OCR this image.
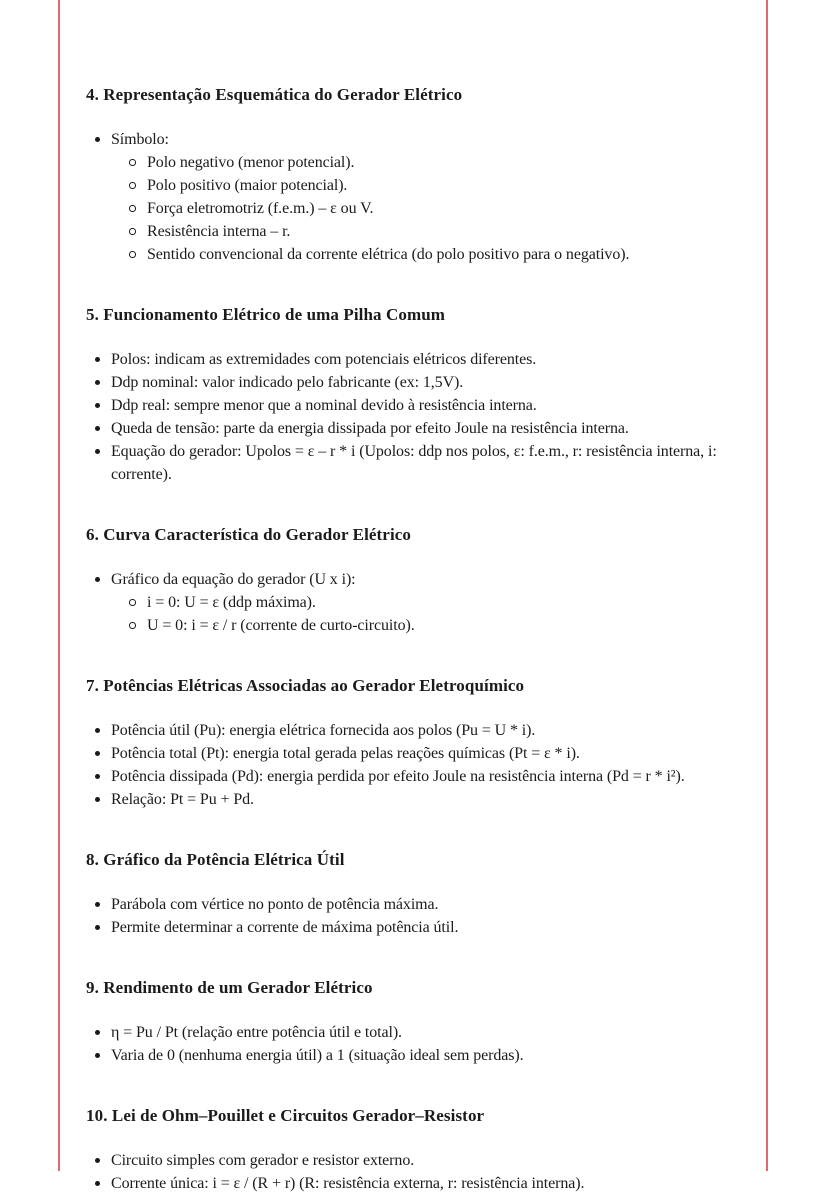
4. Representação Esquemática do Gerador Elétrico
Símbolo:
Polo negativo (menor potencial).
Polo positivo (maior potencial).
Força eletromotriz (f.e.m.) – ε ou V.
Resistência interna – r.
Sentido convencional da corrente elétrica (do polo positivo para o negativo).
5. Funcionamento Elétrico de uma Pilha Comum
Polos: indicam as extremidades com potenciais elétricos diferentes.
Ddp nominal: valor indicado pelo fabricante (ex: 1,5V).
Ddp real: sempre menor que a nominal devido à resistência interna.
Queda de tensão: parte da energia dissipada por efeito Joule na resistência interna.
Equação do gerador: Upolos = ε – r * i (Upolos: ddp nos polos, ε: f.e.m., r: resistência interna, i: corrente).
6. Curva Característica do Gerador Elétrico
Gráfico da equação do gerador (U x i):
i = 0: U = ε (ddp máxima).
U = 0: i = ε / r (corrente de curto-circuito).
7. Potências Elétricas Associadas ao Gerador Eletroquímico
Potência útil (Pu): energia elétrica fornecida aos polos (Pu = U * i).
Potência total (Pt): energia total gerada pelas reações químicas (Pt = ε * i).
Potência dissipada (Pd): energia perdida por efeito Joule na resistência interna (Pd = r * i²).
Relação: Pt = Pu + Pd.
8. Gráfico da Potência Elétrica Útil
Parábola com vértice no ponto de potência máxima.
Permite determinar a corrente de máxima potência útil.
9. Rendimento de um Gerador Elétrico
η = Pu / Pt (relação entre potência útil e total).
Varia de 0 (nenhuma energia útil) a 1 (situação ideal sem perdas).
10. Lei de Ohm–Pouillet e Circuitos Gerador–Resistor
Circuito simples com gerador e resistor externo.
Corrente única: i = ε / (R + r) (R: resistência externa, r: resistência interna).
